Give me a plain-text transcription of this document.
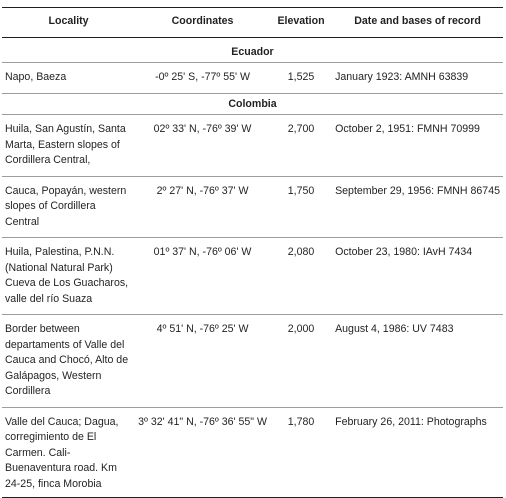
Locality	Coordinates	Elevation	Date and bases of record
Ecuador			
Napo, Baeza	-0º 25' S, -77º 55' W	1,525	January 1923: AMNH 63839
Colombia			
Huila, San Agustín, Santa Marta, Eastern slopes of Cordillera Central,	02º 33' N, -76º 39' W	2,700	October 2, 1951: FMNH 70999
Cauca, Popayán, western slopes of Cordillera Central	2º 27' N, -76º 37' W	1,750	September 29, 1956: FMNH 86745
Huila, Palestina, P.N.N. (National Natural Park) Cueva de Los Guacharos, valle del río Suaza	01º 37' N, -76º 06' W	2,080	October 23, 1980: IAvH 7434
Border between departaments of Valle del Cauca and Chocó, Alto de Galápagos, Western Cordillera	4º 51' N, -76º 25' W	2,000	August 4, 1986: UV 7483
Valle del Cauca; Dagua, corregimiento de El Carmen. Cali-Buenaventura road. Km 24-25, finca Morobia	3º 32' 41" N, -76º 36' 55" W	1,780	February 26, 2011: Photographs
